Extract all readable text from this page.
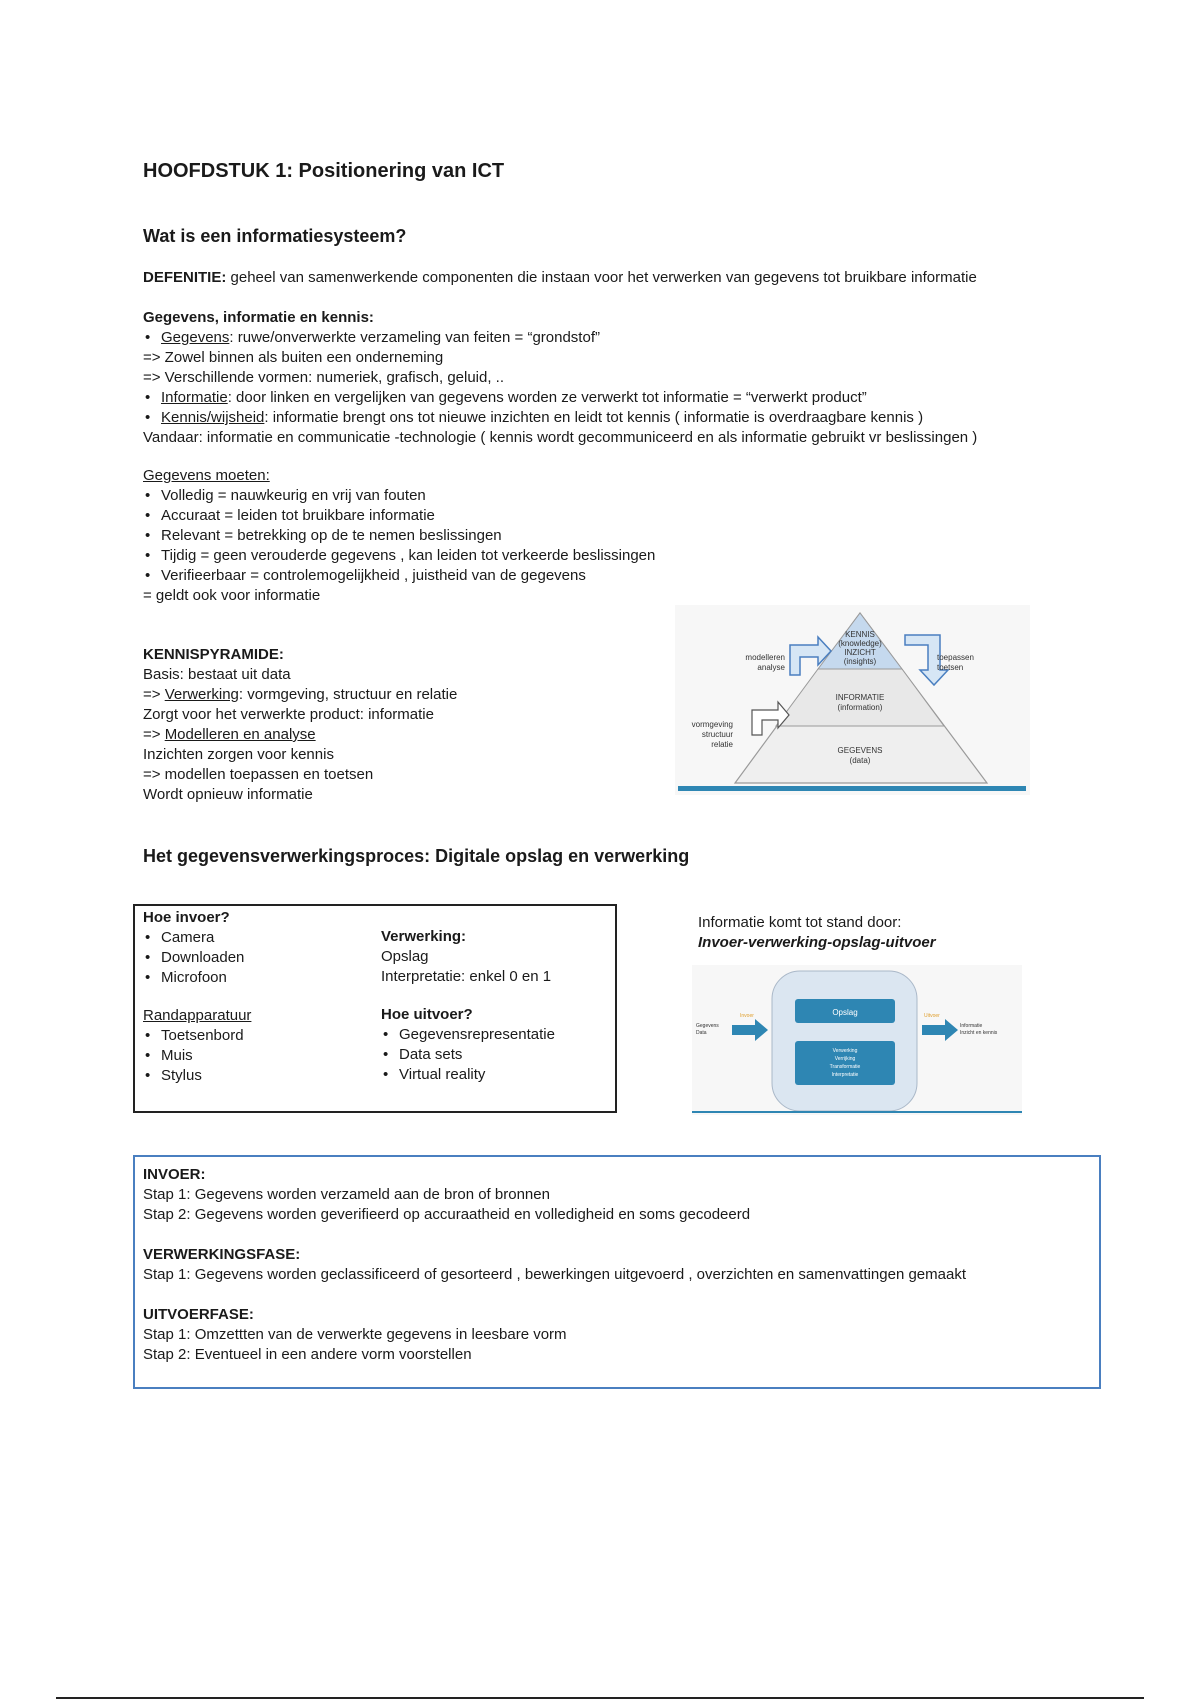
HOOFDSTUK 1: Positionering van ICT
Wat is een informatiesysteem?
DEFENITIE: geheel van samenwerkende componenten die instaan voor het verwerken van gegevens tot bruikbare informatie
Gegevens, informatie en kennis:
• Gegevens: ruwe/onverwerkte verzameling van feiten = “grondstof”
=> Zowel binnen als buiten een onderneming
=> Verschillende vormen: numeriek, grafisch, geluid, ..
• Informatie: door linken en vergelijken van gegevens worden ze verwerkt tot informatie = “verwerkt product”
• Kennis/wijsheid: informatie brengt ons tot nieuwe inzichten en leidt tot kennis ( informatie is overdraagbare kennis )
Vandaar: informatie en communicatie -technologie ( kennis wordt gecommuniceerd en als informatie gebruikt vr beslissingen )
Gegevens moeten:
• Volledig = nauwkeurig en vrij van fouten
• Accuraat = leiden tot bruikbare informatie
• Relevant = betrekking op de te nemen beslissingen
• Tijdig = geen verouderde gegevens , kan leiden tot verkeerde beslissingen
• Verifieerbaar = controlemogelijkheid , juistheid van de gegevens
= geldt ook voor informatie
KENNISPYRAMIDE:
Basis: bestaat uit data
=> Verwerking: vormgeving, structuur en relatie
Zorgt voor het verwerkte product: informatie
=> Modelleren en analyse
Inzichten zorgen voor kennis
=> modellen toepassen en toetsen
Wordt opnieuw informatie
KENNIS
(knowledge)
INZICHT
(insights)
INFORMATIE
(information)
GEGEVENS
(data)
modelleren
analyse
vormgeving
structuur
relatie
toepassen
toetsen
Het gegevensverwerkingsproces: Digitale opslag en verwerking
Hoe invoer?
• Camera
• Downloaden
• Microfoon
Randapparatuur
• Toetsenbord
• Muis
• Stylus
Verwerking:
Opslag
Interpretatie: enkel 0 en 1
Hoe uitvoer?
• Gegevensrepresentatie
• Data sets
• Virtual reality
Informatie komt tot stand door:
Invoer-verwerking-opslag-uitvoer
Opslag
Verwerking
Verrijking
Transformatie
Interpretatie
Gegevens
Data
Invoer	Uitvoer
Informatie
Inzicht en kennis
INVOER:
Stap 1: Gegevens worden verzameld aan de bron of bronnen
Stap 2: Gegevens worden geverifieerd op accuraatheid en volledigheid en soms gecodeerd
VERWERKINGSFASE:
Stap 1: Gegevens worden geclassificeerd of gesorteerd , bewerkingen uitgevoerd , overzichten en samenvattingen gemaakt
UITVOERFASE:
Stap 1: Omzettten van de verwerkte gegevens in leesbare vorm
Stap 2: Eventueel in een andere vorm voorstellen
